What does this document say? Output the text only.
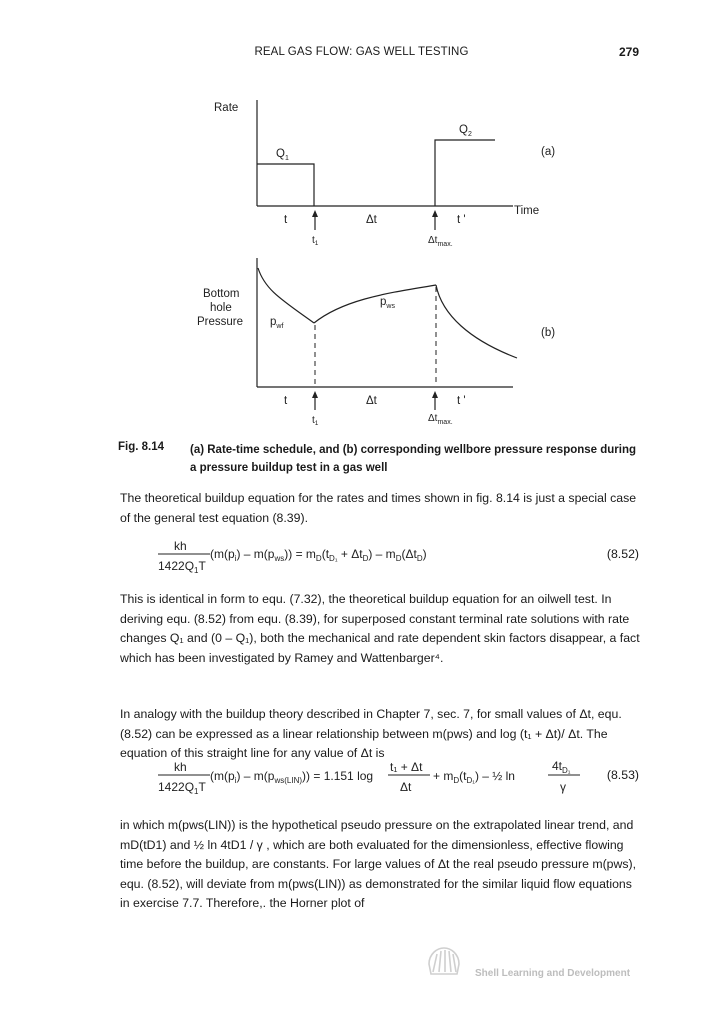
REAL GAS FLOW: GAS WELL TESTING	279
Rate
Time
$Q_1$
$Q_2$
(a)
t	Δt	t '
$t_1$	$\Delta t_{max.}$
Bottom
hole
Pressure $p_{wf}$
$p_{ws}$
(b)
t	Δt	t '
$t_1$	$\Delta t_{max.}$
kh
$1422Q_1T$
$(m(p_i) - m(p_{ws})) = m_D(t_{D_1} + \Delta t_D) - m_D(\Delta t_D)$
kh
$1422Q_1T$
$(m(p_i) - m(p_{ws(LIN)})) = 1.151$ log
t₁ + Δt
Δt
+ $m_D(t_{D_1})$ – ½ ln
$4t_{D_1}$
γ
Fig. 8.14 (a) Rate-time schedule, and (b) corresponding wellbore pressure response during a pressure buildup test in a gas well
The theoretical buildup equation for the rates and times shown in fig. 8.14 is just a special case of the general test equation (8.39).
(8.52)
This is identical in form to equ. (7.32), the theoretical buildup equation for an oilwell test. In deriving equ. (8.52) from equ. (8.39), for superposed constant terminal rate solutions with rate changes Q₁ and (0 – Q₁), both the mechanical and rate dependent skin factors disappear, a fact which has been investigated by Ramey and Wattenbarger⁴.
In analogy with the buildup theory described in Chapter 7, sec. 7, for small values of Δt, equ. (8.52) can be expressed as a linear relationship between m(pws) and log (t₁ + Δt)/ Δt. The equation of this straight line for any value of Δt is
(8.53)
in which m(pws(LIN)) is the hypothetical pseudo pressure on the extrapolated linear trend, and mD(tD1) and ½ ln 4tD1 / γ , which are both evaluated for the dimensionless, effective flowing time before the buildup, are constants. For large values of Δt the real pseudo pressure m(pws), equ. (8.52), will deviate from m(pws(LIN)) as demonstrated for the similar liquid flow equations in exercise 7.7. Therefore,. the Horner plot of
Shell Learning and Development
